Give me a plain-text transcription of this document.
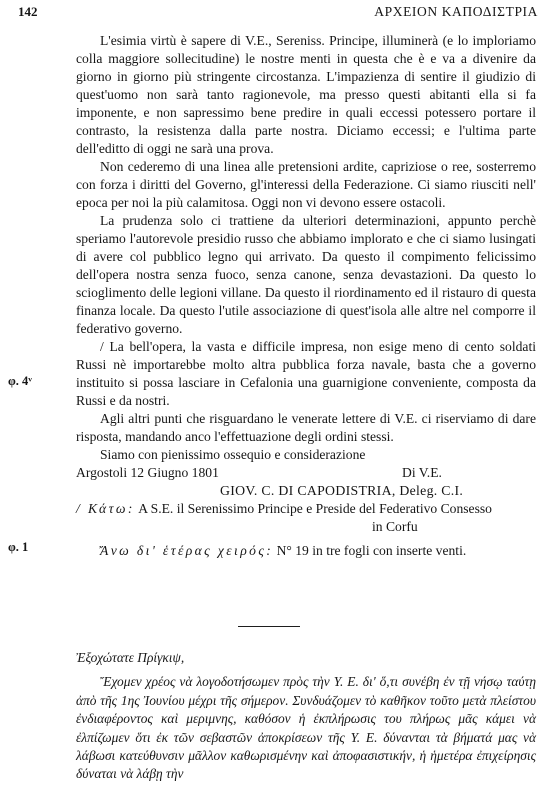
142	ΑΡΧΕΙΟΝ ΚΑΠΟΔΙΣΤΡΙΑ
φ. 4ᵛ
φ. 1

L'esimia virtù è sapere di V.E., Sereniss. Principe, illuminerà (e lo imploriamo colla maggiore sollecitudine) le nostre menti in questa che è e va a divenire da giorno in giorno più stringente circostanza. L'impazienza di sentire il giudizio di quest'uomo non sarà tanto ragionevole, ma presso questi abitanti ella si fa imponente, e non sapressimo bene predire in quali eccessi potessero portare il contrasto, la resistenza dalla parte nostra. Diciamo eccessi; e l'ultima parte dell'editto di oggi ne sarà una prova.

Non cederemo di una linea alle pretensioni ardite, capriziose o ree, sosterremo con forza i diritti del Governo, gl'interessi della Federazione. Ci siamo riusciti nell' epoca per noi la più calamitosa. Oggi non vi devono essere ostacoli.

La prudenza solo ci trattiene da ulteriori determinazioni, appunto perchè speriamo l'autorevole presidio russo che abbiamo implorato e che ci siamo lusingati di avere col pubblico legno qui arrivato. Da questo il compimento felicissimo dell'opera nostra senza fuoco, senza canone, senza devastazioni. Da questo lo scioglimento delle legioni villane. Da questo il riordinamento ed il ristauro di questa finanza locale. Da questo l'utile associazione di quest'isola alle altre nel comporre il federativo governo.

/ La bell'opera, la vasta e difficile impresa, non esige meno di cento soldati Russi nè importarebbe molto altra pubblica forza navale, basta che a governo instituito si possa lasciare in Cefalonia una guarnigione conveniente, composta da Russi e da nostri.

Agli altri punti che risguardano le venerate lettere di V.E. ci riserviamo di dare risposta, mandando anco l'effettuazione degli ordini stessi.

Siamo con pienissimo ossequio e considerazione

Argostoli 12 Giugno 1801	Di V.E.

GIOV. C. DI CAPODISTRIA, Deleg. C.I.

/ Κάτω: A S.E. il Serenissimo Principe e Preside del Federativo Consesso

in Corfu

Ἄνω δι' ἑτέρας χειρός: N° 19 in tre fogli con inserte venti.

Ἐξοχώτατε Πρίγκιψ,

Ἔχομεν χρέος νὰ λογοδοτήσωμεν πρὸς τὴν Υ. Ε. δι' ὅ,τι συνέβη ἐν τῇ νήσῳ ταύτῃ ἀπὸ τῆς 1ης Ἰουνίου μέχρι τῆς σήμερον. Συνδυάζομεν τὸ καθῆκον τοῦτο μετὰ πλείστου ἐνδιαφέροντος καὶ μεριμνης, καθόσον ἡ ἐκπλήρωσις του πλήρως μᾶς κάμει νὰ ἐλπίζωμεν ὅτι ἐκ τῶν σεβαστῶν ἀποκρίσεων τῆς Υ. Ε. δύνανται τὰ βήματά μας νὰ λάβωσι κατεύθυνσιν μᾶλλον καθωρισμένην καὶ ἀποφασιστικήν, ἡ ἡμετέρα ἐπιχείρησις δύναται νὰ λάβῃ τὴν
